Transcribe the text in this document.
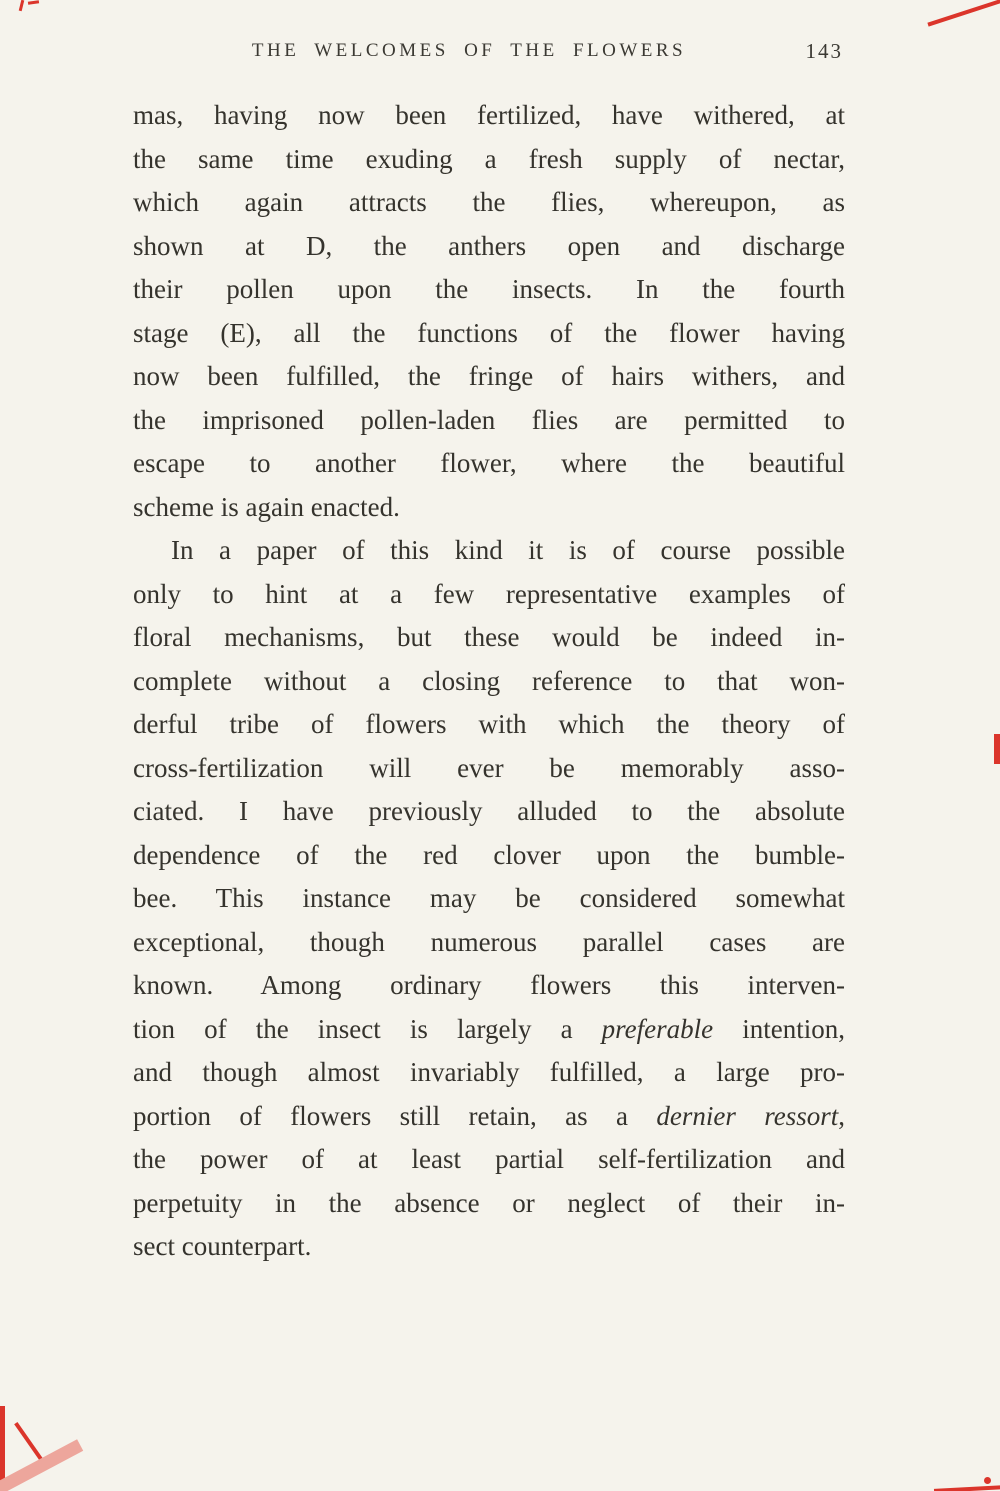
THE WELCOMES OF THE FLOWERS	143
mas, having now been fertilized, have withered, at
the same time exuding a fresh supply of nectar,
which again attracts the flies, whereupon, as
shown at D, the anthers open and discharge
their pollen upon the insects. In the fourth
stage (E), all the functions of the flower having
now been fulfilled, the fringe of hairs withers, and
the imprisoned pollen-laden flies are permitted to
escape to another flower, where the beautiful
scheme is again enacted.
In a paper of this kind it is of course possible
only to hint at a few representative examples of
floral mechanisms, but these would be indeed in-
complete without a closing reference to that won-
derful tribe of flowers with which the theory of
cross-fertilization will ever be memorably asso-
ciated. I have previously alluded to the absolute
dependence of the red clover upon the bumble-
bee. This instance may be considered somewhat
exceptional, though numerous parallel cases are
known. Among ordinary flowers this interven-
tion of the insect is largely a preferable intention,
and though almost invariably fulfilled, a large pro-
portion of flowers still retain, as a dernier ressort,
the power of at least partial self-fertilization and
perpetuity in the absence or neglect of their in-
sect counterpart.
